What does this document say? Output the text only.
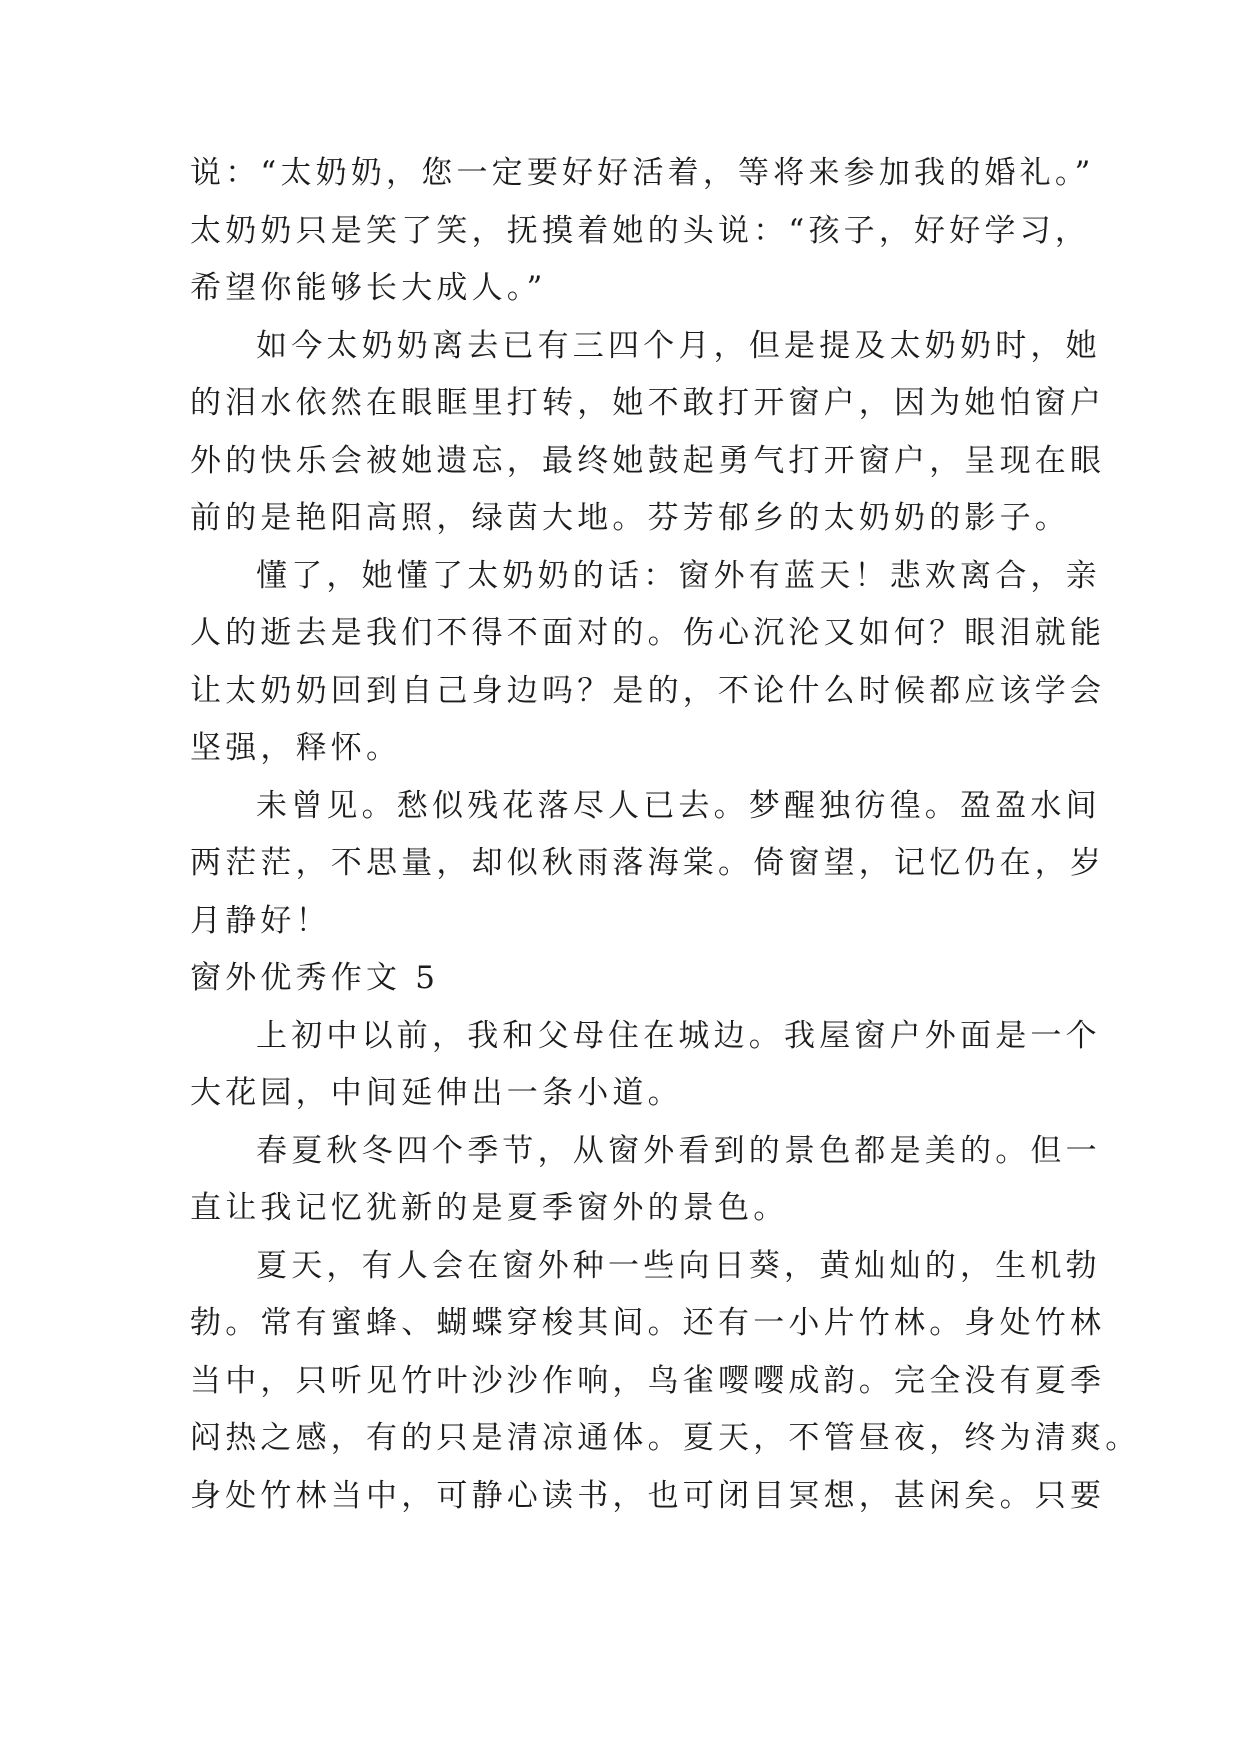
说：“太奶奶，您一定要好好活着，等将来参加我的婚礼。”
太奶奶只是笑了笑，抚摸着她的头说：“孩子，好好学习，
希望你能够长大成人。”
如今太奶奶离去已有三四个月，但是提及太奶奶时，她
的泪水依然在眼眶里打转，她不敢打开窗户，因为她怕窗户
外的快乐会被她遗忘，最终她鼓起勇气打开窗户，呈现在眼
前的是艳阳高照，绿茵大地。芬芳郁乡的太奶奶的影子。
懂了，她懂了太奶奶的话：窗外有蓝天！悲欢离合，亲
人的逝去是我们不得不面对的。伤心沉沦又如何？眼泪就能
让太奶奶回到自己身边吗？是的，不论什么时候都应该学会
坚强，释怀。
未曾见。愁似残花落尽人已去。梦醒独彷徨。盈盈水间
两茫茫，不思量，却似秋雨落海棠。倚窗望，记忆仍在，岁
月静好！
窗外优秀作文 5
上初中以前，我和父母住在城边。我屋窗户外面是一个
大花园，中间延伸出一条小道。
春夏秋冬四个季节，从窗外看到的景色都是美的。但一
直让我记忆犹新的是夏季窗外的景色。
夏天，有人会在窗外种一些向日葵，黄灿灿的，生机勃
勃。常有蜜蜂、蝴蝶穿梭其间。还有一小片竹林。身处竹林
当中，只听见竹叶沙沙作响，鸟雀嘤嘤成韵。完全没有夏季
闷热之感，有的只是清凉通体。夏天，不管昼夜，终为清爽。
身处竹林当中，可静心读书，也可闭目冥想，甚闲矣。只要
